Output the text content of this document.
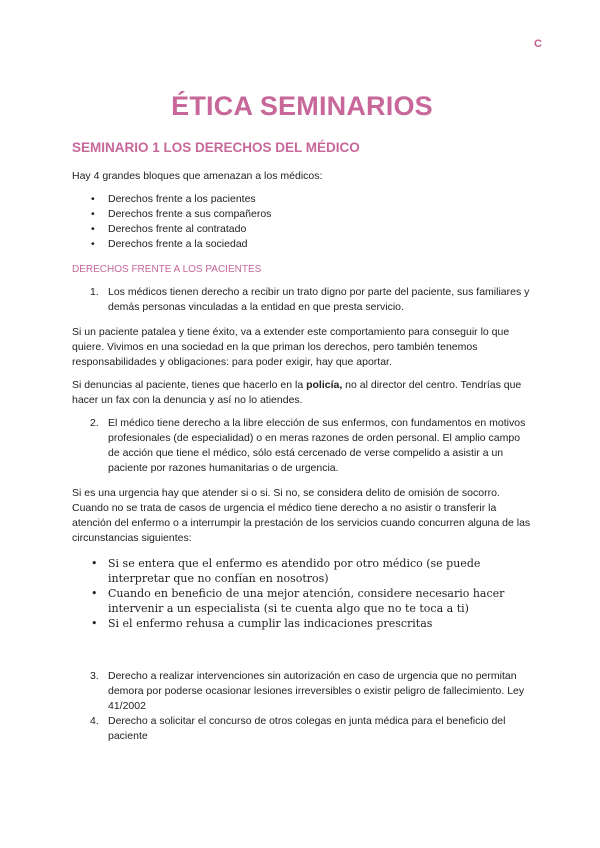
C
ÉTICA SEMINARIOS
SEMINARIO 1 LOS DERECHOS DEL MÉDICO

Hay 4 grandes bloques que amenazan a los médicos:

• Derechos frente a los pacientes
• Derechos frente a sus compañeros
• Derechos frente al contratado
• Derechos frente a la sociedad
DERECHOS FRENTE A LOS PACIENTES
1. Los médicos tienen derecho a recibir un trato digno por parte del paciente, sus familiares y demás personas vinculadas a la entidad en que presta servicio.

Si un paciente patalea y tiene éxito, va a extender este comportamiento para conseguir lo que quiere. Vivimos en una sociedad en la que priman los derechos, pero también tenemos responsabilidades y obligaciones: para poder exigir, hay que aportar.

Si denuncias al paciente, tienes que hacerlo en la policía, no al director del centro. Tendrías que hacer un fax con la denuncia y así no lo atiendes.

2. El médico tiene derecho a la libre elección de sus enfermos, con fundamentos en motivos profesionales (de especialidad) o en meras razones de orden personal. El amplio campo de acción que tiene el médico, sólo está cercenado de verse compelido a asistir a un paciente por razones humanitarias o de urgencia.

Si es una urgencia hay que atender si o si. Si no, se considera delito de omisión de socorro. Cuando no se trata de casos de urgencia el médico tiene derecho a no asistir o transferir la atención del enfermo o a interrumpir la prestación de los servicios cuando concurren alguna de las circunstancias siguientes:

• Si se entera que el enfermo es atendido por otro médico (se puede interpretar que no confían en nosotros)
• Cuando en beneficio de una mejor atención, considere necesario hacer intervenir a un especialista (si te cuenta algo que no te toca a ti)
• Si el enfermo rehusa a cumplir las indicaciones prescritas
3. Derecho a realizar intervenciones sin autorización en caso de urgencia que no permitan demora por poderse ocasionar lesiones irreversibles o existir peligro de fallecimiento. Ley 41/2002
4. Derecho a solicitar el concurso de otros colegas en junta médica para el beneficio del paciente
